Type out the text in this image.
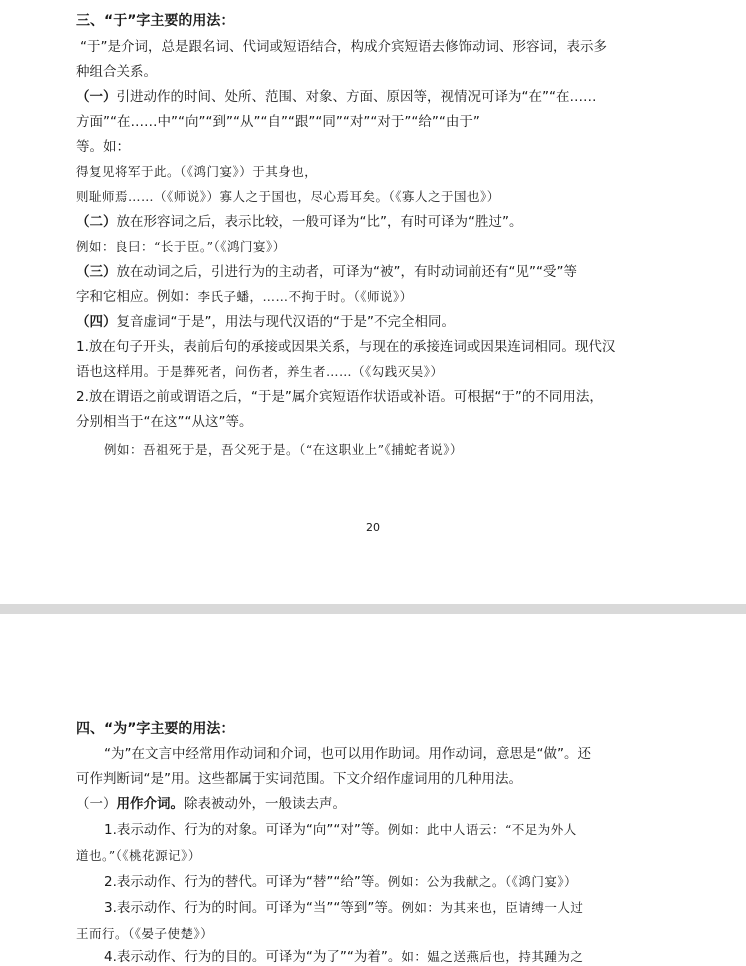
三、“于”字主要的用法：
“于”是介词，总是跟名词、代词或短语结合，构成介宾短语去修饰动词、形容词，表示多
种组合关系。
（一）引进动作的时间、处所、范围、对象、方面、原因等，视情况可译为“在”“在……
方面”“在……中”“向”“到”“从”“自”“跟”“同”“对”“对于”“给”“由于”
等。如：
得复见将军于此。（《鸿门宴》）于其身也，
则耻师焉……（《师说》）寡人之于国也，尽心焉耳矣。（《寡人之于国也》）
（二）放在形容词之后，表示比较，一般可译为“比”，有时可译为“胜过”。
例如：良曰：“长于臣。”（《鸿门宴》）
（三）放在动词之后，引进行为的主动者，可译为“被”，有时动词前还有“见”“受”等
字和它相应。例如：李氏子蟠，……不拘于时。（《师说》）
（四）复音虚词“于是”，用法与现代汉语的“于是”不完全相同。
1.放在句子开头，表前后句的承接或因果关系，与现在的承接连词或因果连词相同。现代汉
语也这样用。于是葬死者，问伤者，养生者……（《勾践灭吴》）
2.放在谓语之前或谓语之后，“于是”属介宾短语作状语或补语。可根据“于”的不同用法，
分别相当于“在这”“从这”等。
例如：吾祖死于是，吾父死于是。（“在这职业上”《捕蛇者说》）
20
四、“为”字主要的用法：
“为”在文言中经常用作动词和介词，也可以用作助词。用作动词，意思是“做”。还
可作判断词“是”用。这些都属于实词范围。下文介绍作虚词用的几种用法。
（一）用作介词。除表被动外，一般读去声。
1.表示动作、行为的对象。可译为“向”“对”等。例如：此中人语云：“不足为外人
道也。”（《桃花源记》）
2.表示动作、行为的替代。可译为“替”“给”等。例如：公为我献之。（《鸿门宴》）
3.表示动作、行为的时间。可译为“当”“等到”等。例如：为其来也，臣请缚一人过
王而行。（《晏子使楚》）
4.表示动作、行为的目的。可译为“为了”“为着”。如：媪之送燕后也，持其踵为之
